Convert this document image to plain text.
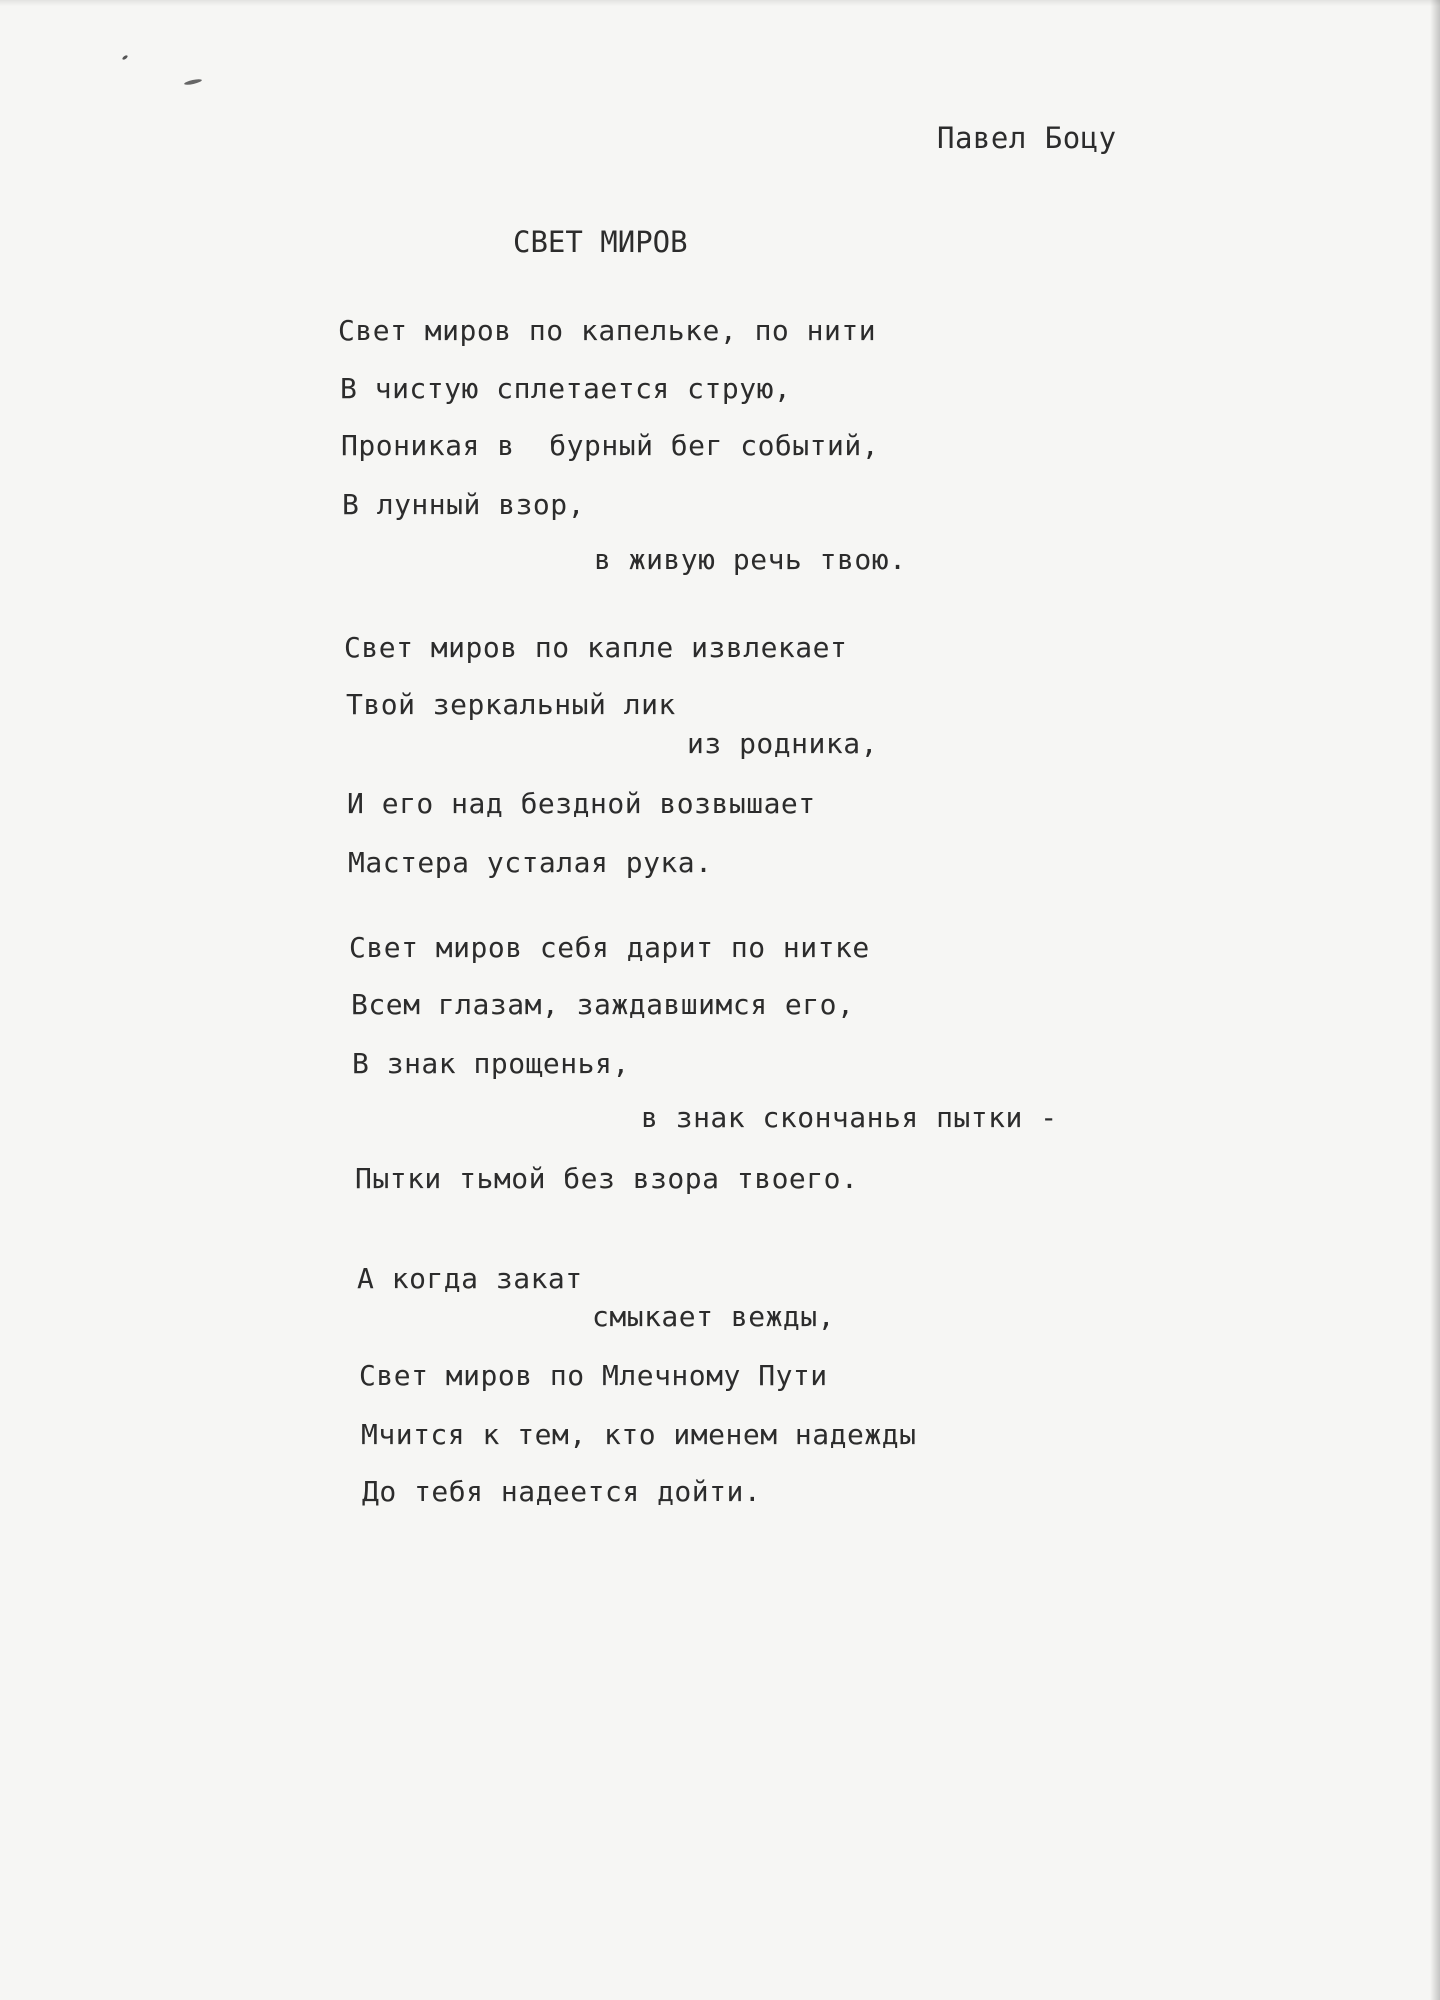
Павел Боцу
СВЕТ МИРОВ
Свет миров по капельке, по нити
В чистую сплетается струю,
Проникая в  бурный бег событий,
В лунный взор,
в живую речь твою.
Свет миров по капле извлекает
Твой зеркальный лик
из родника,
И его над бездной возвышает
Мастера усталая рука.
Свет миров себя дарит по нитке
Всем глазам, заждавшимся его,
В знак прощенья,
в знак скончанья пытки -
Пытки тьмой без взора твоего.
А когда закат
смыкает вежды,
Свет миров по Млечному Пути
Мчится к тем, кто именем надежды
До тебя надеется дойти.
